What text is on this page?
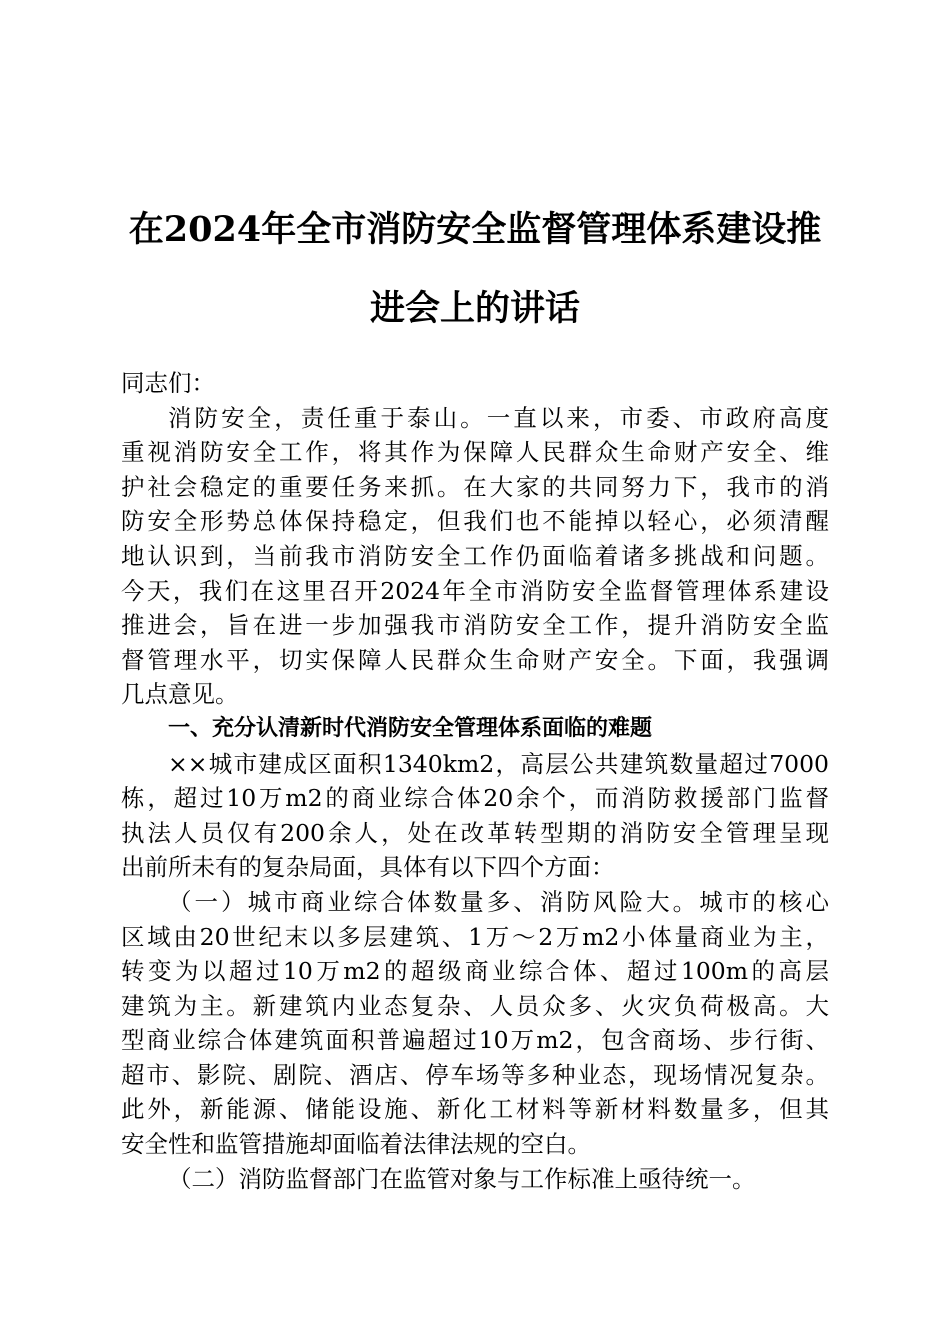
在2024年全市消防安全监督管理体系建设推
进会上的讲话
同志们：
消防安全，责任重于泰山。一直以来，市委、市政府高度
重视消防安全工作，将其作为保障人民群众生命财产安全、维
护社会稳定的重要任务来抓。在大家的共同努力下，我市的消
防安全形势总体保持稳定，但我们也不能掉以轻心，必须清醒
地认识到，当前我市消防安全工作仍面临着诸多挑战和问题。
今天，我们在这里召开2024年全市消防安全监督管理体系建设
推进会，旨在进一步加强我市消防安全工作，提升消防安全监
督管理水平，切实保障人民群众生命财产安全。下面，我强调
几点意见。
一、充分认清新时代消防安全管理体系面临的难题
××城市建成区面积1340km2，高层公共建筑数量超过7000
栋，超过10万m2的商业综合体20余个，而消防救援部门监督
执法人员仅有200余人，处在改革转型期的消防安全管理呈现
出前所未有的复杂局面，具体有以下四个方面：
（一）城市商业综合体数量多、消防风险大。城市的核心
区域由20世纪末以多层建筑、1万～2万m2小体量商业为主，
转变为以超过10万m2的超级商业综合体、超过100m的高层
建筑为主。新建筑内业态复杂、人员众多、火灾负荷极高。大
型商业综合体建筑面积普遍超过10万m2，包含商场、步行街、
超市、影院、剧院、酒店、停车场等多种业态，现场情况复杂。
此外，新能源、储能设施、新化工材料等新材料数量多，但其
安全性和监管措施却面临着法律法规的空白。
（二）消防监督部门在监管对象与工作标准上亟待统一。
